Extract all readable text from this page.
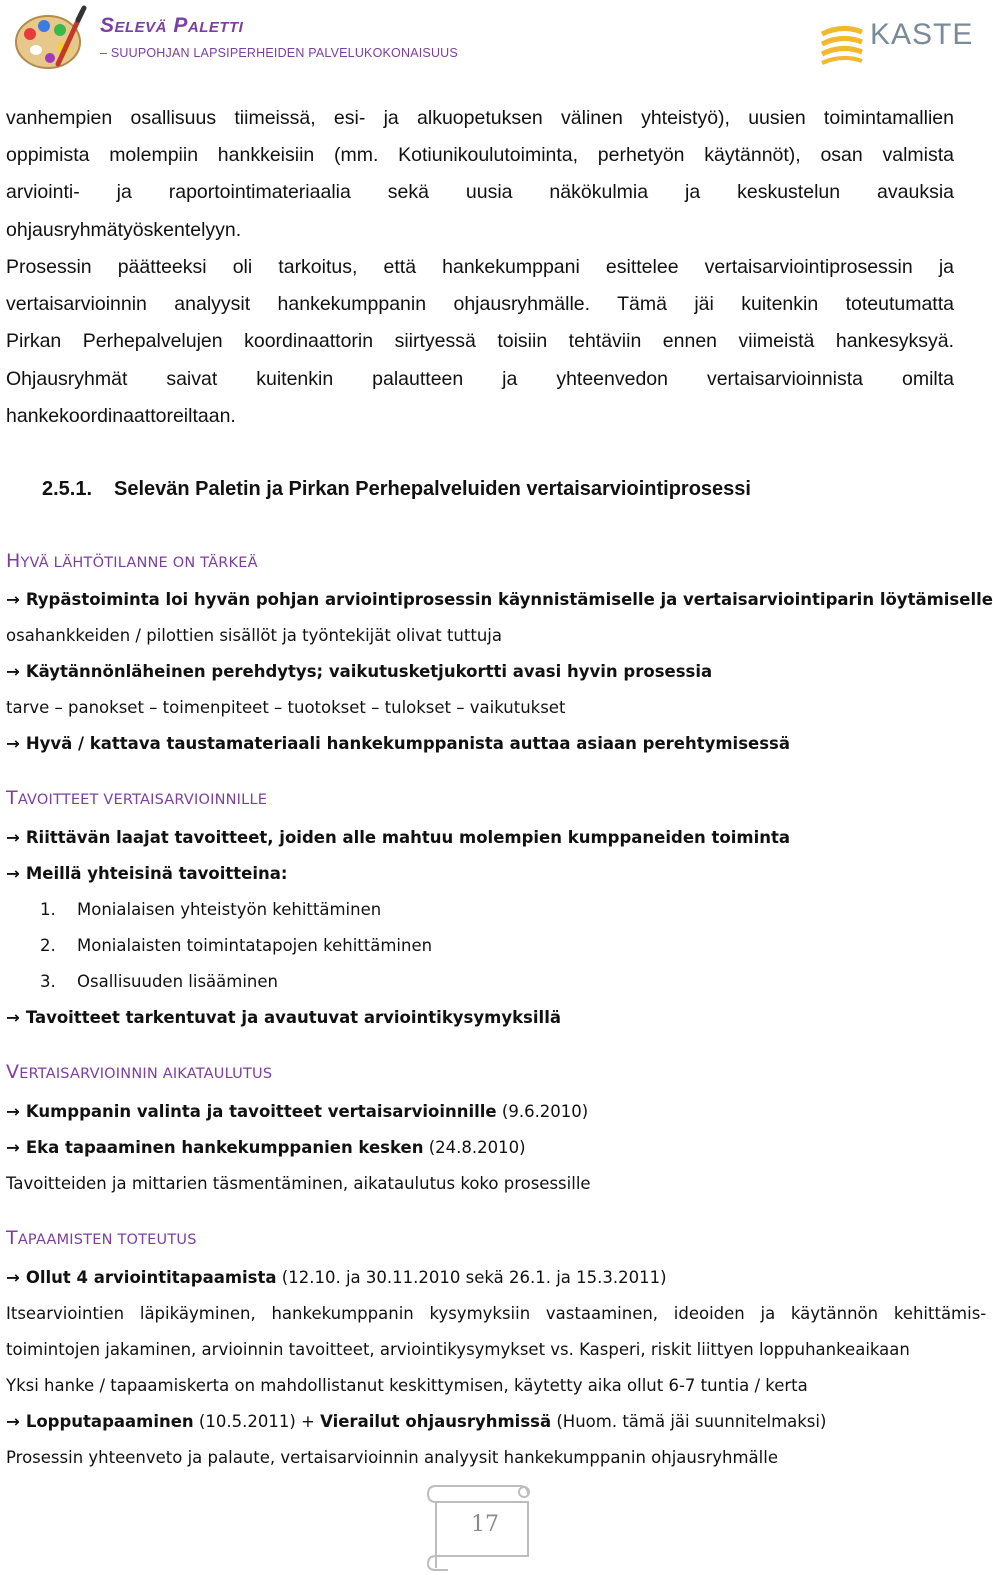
Selevä Paletti
– SUUPOHJAN LAPSIPERHEIDEN PALVELUKOKONAISUUS
KASTE
vanhempien osallisuus tiimeissä, esi- ja alkuopetuksen välinen yhteistyö), uusien toimintamallien
oppimista molempiin hankkeisiin (mm. Kotiunikoulutoiminta, perhetyön käytännöt), osan valmista
arviointi- ja raportointimateriaalia sekä uusia näkökulmia ja keskustelun avauksia
ohjausryhmätyöskentelyyn.
Prosessin päätteeksi oli tarkoitus, että hankekumppani esittelee vertaisarviointiprosessin ja
vertaisarvioinnin analyysit hankekumppanin ohjausryhmälle. Tämä jäi kuitenkin toteutumatta
Pirkan Perhepalvelujen koordinaattorin siirtyessä toisiin tehtäviin ennen viimeistä hankesyksyä.
Ohjausryhmät saivat kuitenkin palautteen ja yhteenvedon vertaisarvioinnista omilta
hankekoordinaattoreiltaan.
2.5.1. Selevän Paletin ja Pirkan Perhepalveluiden vertaisarviointiprosessi
HYVÄ LÄHTÖTILANNE ON TÄRKEÄ
→ Rypästoiminta loi hyvän pohjan arviointiprosessin käynnistämiselle ja vertaisarviointiparin löytämiselle
osahankkeiden / pilottien sisällöt ja työntekijät olivat tuttuja
→ Käytännönläheinen perehdytys; vaikutusketjukortti avasi hyvin prosessia
tarve – panokset – toimenpiteet – tuotokset – tulokset – vaikutukset
→ Hyvä / kattava taustamateriaali hankekumppanista auttaa asiaan perehtymisessä
TAVOITTEET VERTAISARVIOINNILLE
→ Riittävän laajat tavoitteet, joiden alle mahtuu molempien kumppaneiden toiminta
→ Meillä yhteisinä tavoitteina:
1. Monialaisen yhteistyön kehittäminen
2. Monialaisten toimintatapojen kehittäminen
3. Osallisuuden lisääminen
→ Tavoitteet tarkentuvat ja avautuvat arviointikysymyksillä
VERTAISARVIOINNIN AIKATAULUTUS
→ Kumppanin valinta ja tavoitteet vertaisarvioinnille (9.6.2010)
→ Eka tapaaminen hankekumppanien kesken (24.8.2010)
Tavoitteiden ja mittarien täsmentäminen, aikataulutus koko prosessille
TAPAAMISTEN TOTEUTUS
→ Ollut 4 arviointitapaamista (12.10. ja 30.11.2010 sekä 26.1. ja 15.3.2011)
Itsearviointien   läpikäyminen,   hankekumppanin   kysymyksiin   vastaaminen,   ideoiden   ja   käytännön   kehittämis-
toimintojen jakaminen, arvioinnin tavoitteet, arviointikysymykset vs. Kasperi, riskit liittyen loppuhankeaikaan
Yksi hanke / tapaamiskerta on mahdollistanut keskittymisen, käytetty aika ollut 6-7 tuntia / kerta
→ Lopputapaaminen (10.5.2011) + Vierailut ohjausryhmissä (Huom. tämä jäi suunnitelmaksi)
Prosessin yhteenveto ja palaute, vertaisarvioinnin analyysit hankekumppanin ohjausryhmälle
17
